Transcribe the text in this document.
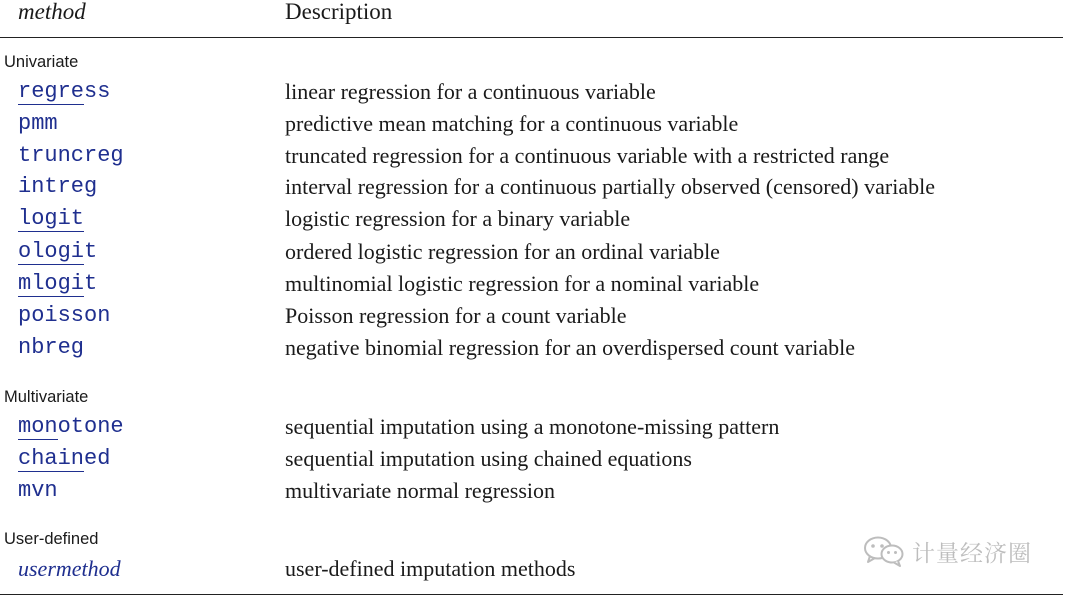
method	Description
Univariate
regress	linear regression for a continuous variable
pmm	predictive mean matching for a continuous variable
truncreg	truncated regression for a continuous variable with a restricted range
intreg	interval regression for a continuous partially observed (censored) variable
logit	logistic regression for a binary variable
ologit	ordered logistic regression for an ordinal variable
mlogit	multinomial logistic regression for a nominal variable
poisson	Poisson regression for a count variable
nbreg	negative binomial regression for an overdispersed count variable
Multivariate
monotone	sequential imputation using a monotone-missing pattern
chained	sequential imputation using chained equations
mvn	multivariate normal regression
User-defined
usermethod	user-defined imputation methods
计量经济圈
